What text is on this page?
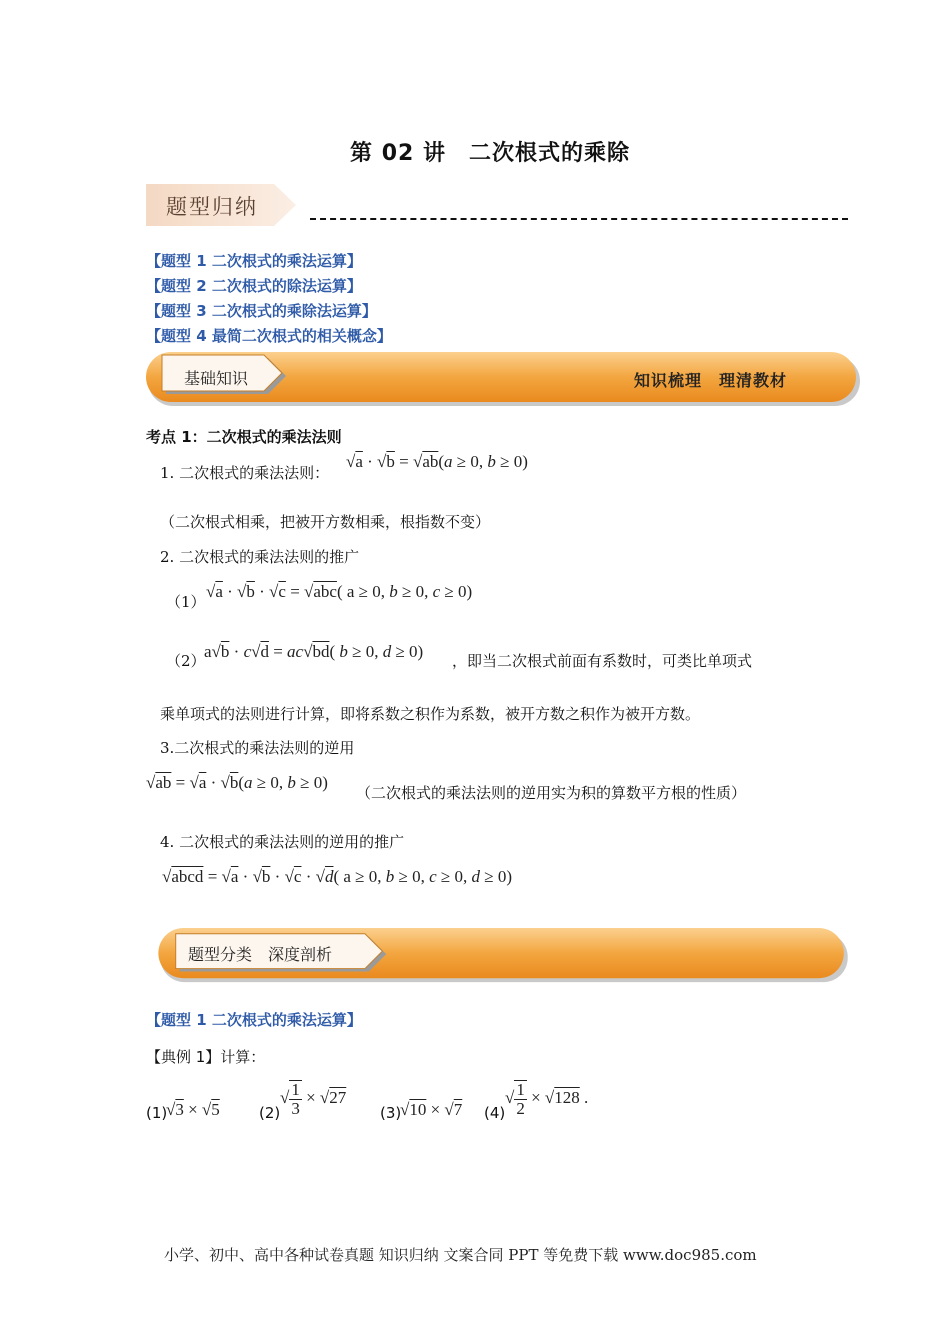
第 02 讲　二次根式的乘除
题型归纳
【题型 1 二次根式的乘法运算】
【题型 2 二次根式的除法运算】
【题型 3 二次根式的乘除法运算】
【题型 4 最简二次根式的相关概念】
基础知识	知识梳理　理清教材
考点 1：二次根式的乘法法则
1. 二次根式的乘法法则：
√a · √b = √ab(a ≥ 0, b ≥ 0)
（二次根式相乘，把被开方数相乘，根指数不变）
2. 二次根式的乘法法则的推广
（1）
√a · √b · √c = √abc( a ≥ 0, b ≥ 0, c ≥ 0)
（2）
a√b · c√d = ac√bd( b ≥ 0, d ≥ 0) ，即当二次根式前面有系数时，可类比单项式
乘单项式的法则进行计算，即将系数之积作为系数，被开方数之积作为被开方数。
3.二次根式的乘法法则的逆用
√ab = √a · √b(a ≥ 0, b ≥ 0)
（二次根式的乘法法则的逆用实为积的算数平方根的性质）
4. 二次根式的乘法法则的逆用的推广
√abcd = √a · √b · √c · √d( a ≥ 0, b ≥ 0, c ≥ 0, d ≥ 0)
题型分类　深度剖析
【题型 1 二次根式的乘法运算】
【典例 1】计算：
(1)
√3 × √5	(2)
√ $\frac{1}{3} \times √27$
(3)
√10 × √7 (4)
√ $\frac{1}{2} \times √128$ .
小学、初中、高中各种试卷真题 知识归纳 文案合同 PPT 等免费下载 www.doc985.com
